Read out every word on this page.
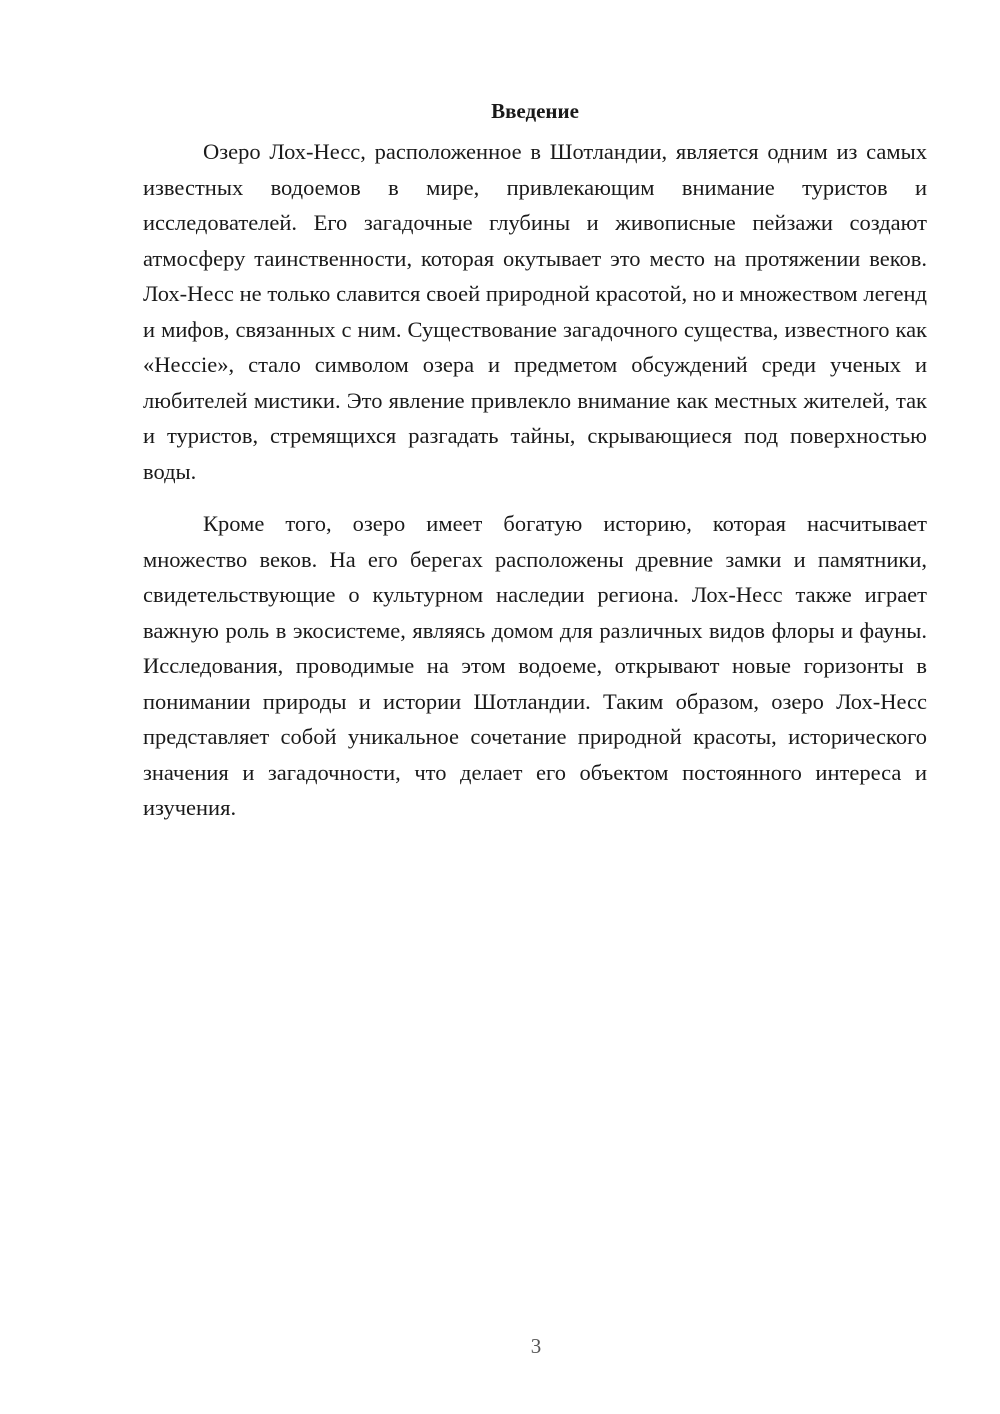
Введение

Озеро Лох-Несс, расположенное в Шотландии, является одним из самых известных водоемов в мире, привлекающим внимание туристов и исследователей. Его загадочные глубины и живописные пейзажи создают атмосферу таинственности, которая окутывает это место на протяжении веков. Лох-Несс не только славится своей природной красотой, но и множеством легенд и мифов, связанных с ним. Существование загадочного существа, известного как «Несcie», стало символом озера и предметом обсуждений среди ученых и любителей мистики. Это явление привлекло внимание как местных жителей, так и туристов, стремящихся разгадать тайны, скрывающиеся под поверхностью воды.

Кроме того, озеро имеет богатую историю, которая насчитывает множество веков. На его берегах расположены древние замки и памятники, свидетельствующие о культурном наследии региона. Лох-Несс также играет важную роль в экосистеме, являясь домом для различных видов флоры и фауны. Исследования, проводимые на этом водоеме, открывают новые горизонты в понимании природы и истории Шотландии. Таким образом, озеро Лох-Несс представляет собой уникальное сочетание природной красоты, исторического значения и загадочности, что делает его объектом постоянного интереса и изучения.

3
